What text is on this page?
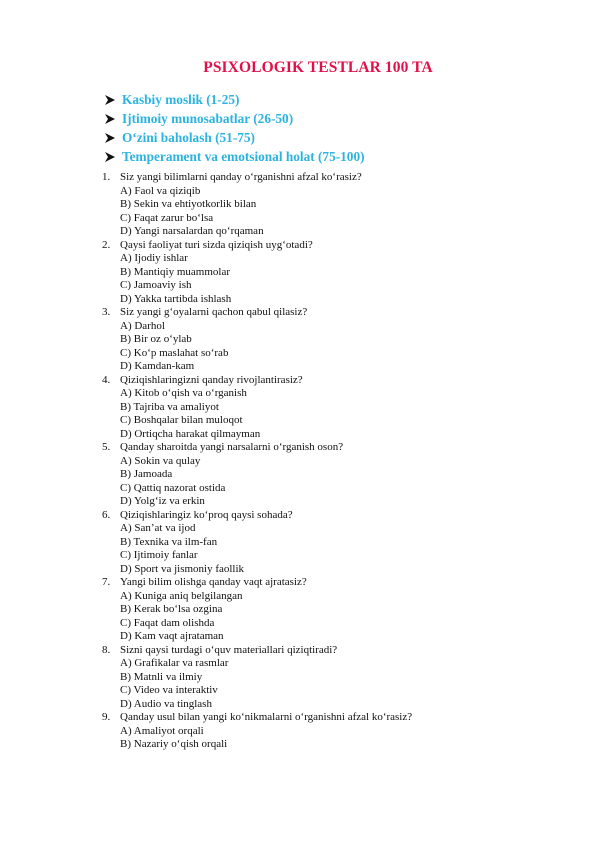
PSIXOLOGIK TESTLAR 100 TA
Kasbiy moslik (1-25)
Ijtimoiy munosabatlar (26-50)
O‘zini baholash (51-75)
Temperament va emotsional holat (75-100)
1. Siz yangi bilimlarni qanday o‘rganishni afzal ko‘rasiz?
A) Faol va qiziqib
B) Sekin va ehtiyotkorlik bilan
C) Faqat zarur bo‘lsa
D) Yangi narsalardan qo‘rqaman
2. Qaysi faoliyat turi sizda qiziqish uyg‘otadi?
A) Ijodiy ishlar
B) Mantiqiy muammolar
C) Jamoaviy ish
D) Yakka tartibda ishlash
3. Siz yangi g‘oyalarni qachon qabul qilasiz?
A) Darhol
B) Bir oz o‘ylab
C) Ko‘p maslahat so‘rab
D) Kamdan-kam
4. Qiziqishlaringizni qanday rivojlantirasiz?
A) Kitob o‘qish va o‘rganish
B) Tajriba va amaliyot
C) Boshqalar bilan muloqot
D) Ortiqcha harakat qilmayman
5. Qanday sharoitda yangi narsalarni o‘rganish oson?
A) Sokin va qulay
B) Jamoada
C) Qattiq nazorat ostida
D) Yolg‘iz va erkin
6. Qiziqishlaringiz ko‘proq qaysi sohada?
A) San’at va ijod
B) Texnika va ilm-fan
C) Ijtimoiy fanlar
D) Sport va jismoniy faollik
7. Yangi bilim olishga qanday vaqt ajratasiz?
A) Kuniga aniq belgilangan
B) Kerak bo‘lsa ozgina
C) Faqat dam olishda
D) Kam vaqt ajrataman
8. Sizni qaysi turdagi o‘quv materiallari qiziqtiradi?
A) Grafikalar va rasmlar
B) Matnli va ilmiy
C) Video va interaktiv
D) Audio va tinglash
9. Qanday usul bilan yangi ko‘nikmalarni o‘rganishni afzal ko‘rasiz?
A) Amaliyot orqali
B) Nazariy o‘qish orqali
